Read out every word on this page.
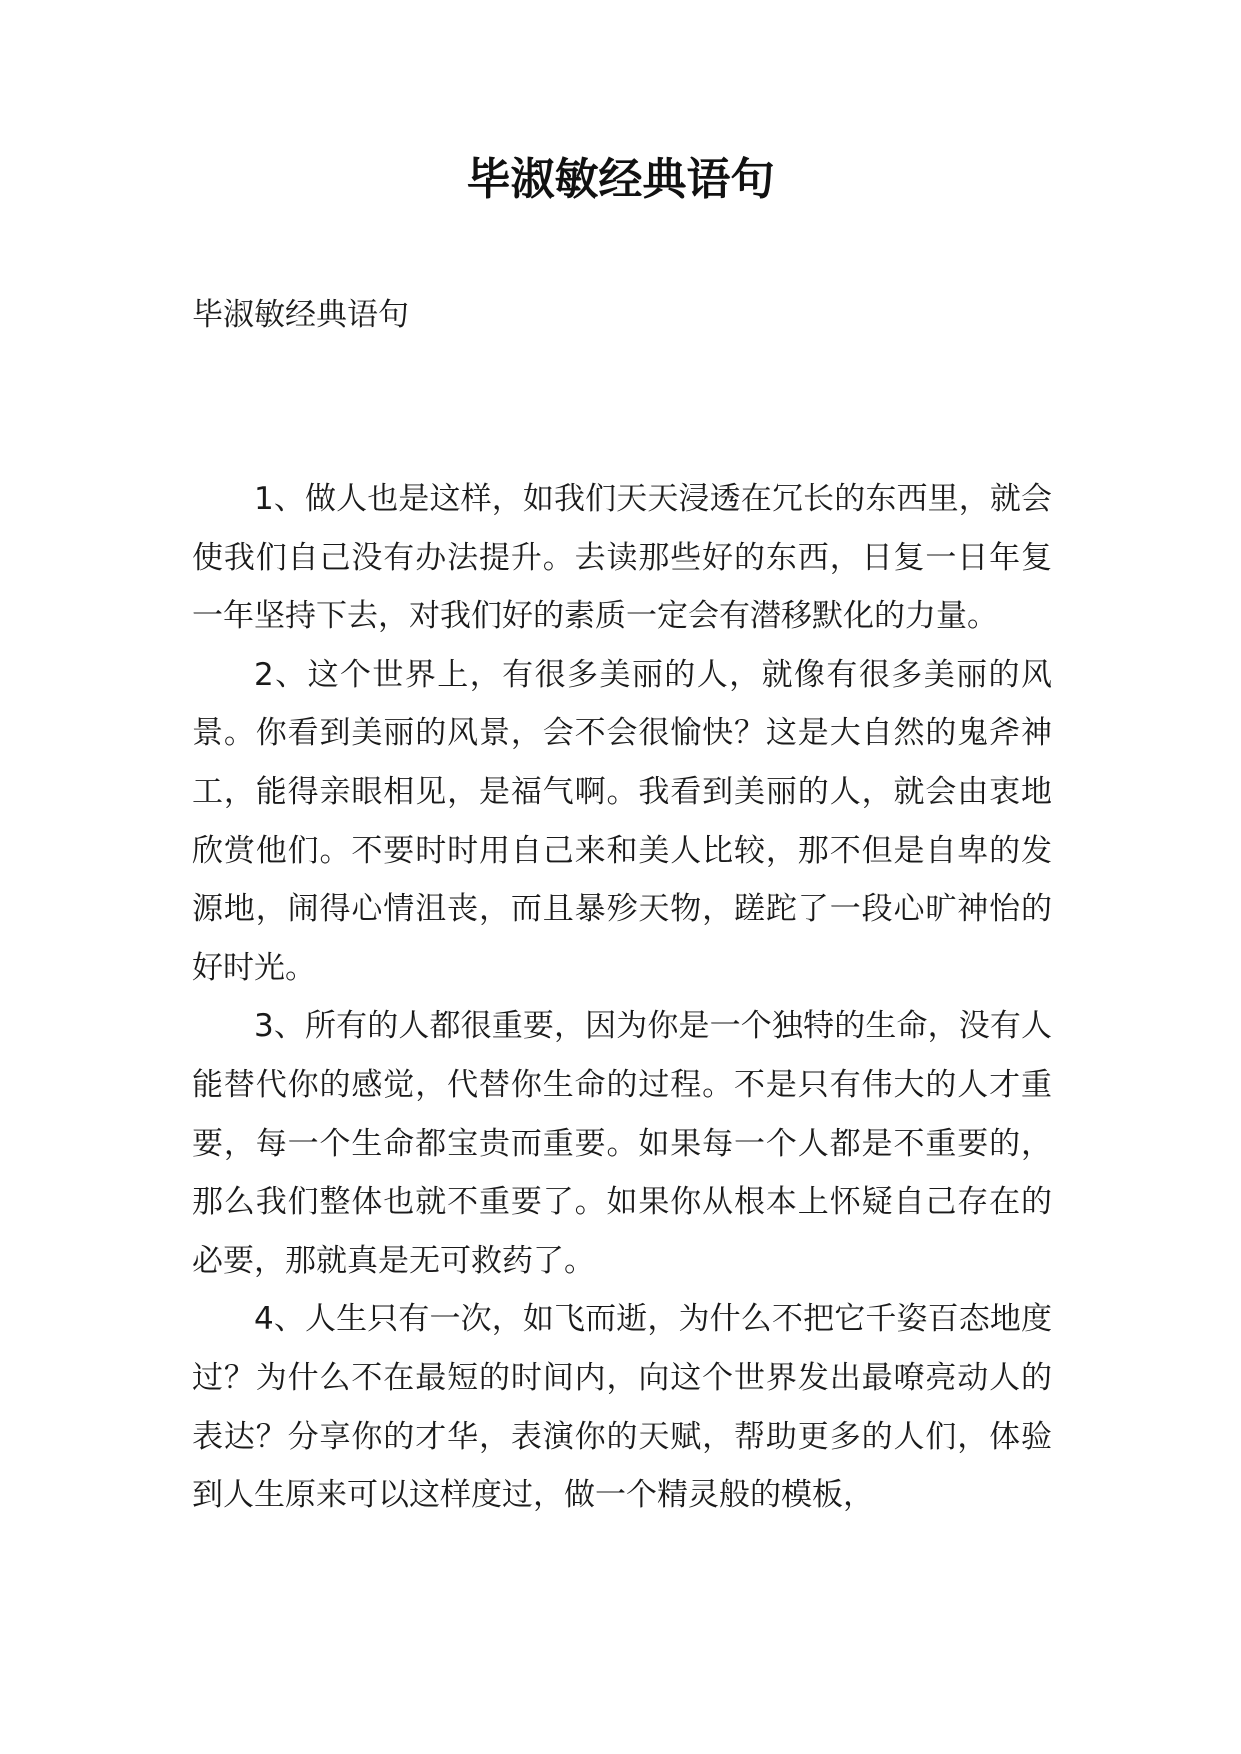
毕淑敏经典语句

毕淑敏经典语句

1、做人也是这样，如我们天天浸透在冗长的东西里，就会使我们自己没有办法提升。去读那些好的东西，日复一日年复一年坚持下去，对我们好的素质一定会有潜移默化的力量。

2、这个世界上，有很多美丽的人，就像有很多美丽的风景。你看到美丽的风景，会不会很愉快？这是大自然的鬼斧神工，能得亲眼相见，是福气啊。我看到美丽的人，就会由衷地欣赏他们。不要时时用自己来和美人比较，那不但是自卑的发源地，闹得心情沮丧，而且暴殄天物，蹉跎了一段心旷神怡的好时光。

3、所有的人都很重要，因为你是一个独特的生命，没有人能替代你的感觉，代替你生命的过程。不是只有伟大的人才重要，每一个生命都宝贵而重要。如果每一个人都是不重要的，那么我们整体也就不重要了。如果你从根本上怀疑自己存在的必要，那就真是无可救药了。

4、人生只有一次，如飞而逝，为什么不把它千姿百态地度过？为什么不在最短的时间内，向这个世界发出最嘹亮动人的表达？分享你的才华，表演你的天赋，帮助更多的人们，体验到人生原来可以这样度过，做一个精灵般的模板，
